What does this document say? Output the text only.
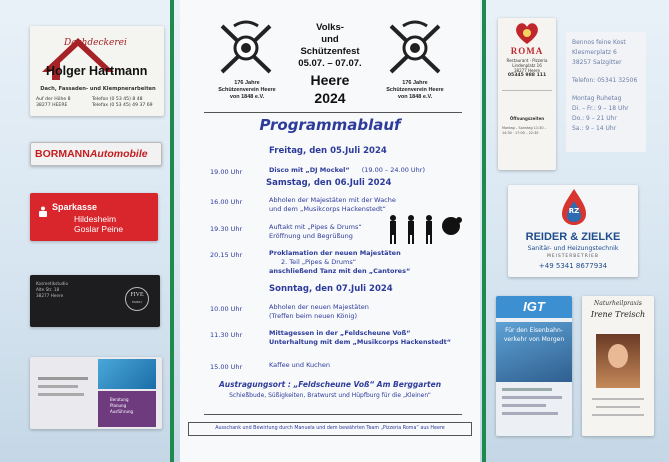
Dachdeckerei
Holger Hartmann
Dach, Fassaden- und Klempnerarbeiten
Auf der Höhe 8
38277 HEERE
Telefon (0 53 45) 8 48
Telefax (0 53 45) 49 37 69
BORMANNAutomobile
Sparkasse
Hildesheim
Goslar Peine
Kosmetikstudio
Alte Str. 18
38277 Heere	FIVE
FAMILY
Beratung
Planung
Ausführung
176 Jahre
Schützenverein Heere
von 1848 e.V.
176 Jahre
Schützenverein Heere
von 1848 e.V.
Volks-
und
Schützenfest
05.07. – 07.07.
Heere
2024
Programmablauf
Freitag, den 05.Juli 2024
19.00 Uhr	Disco mit „DJ Mockel“ (19.00 – 24.00 Uhr)
Samstag, den 06.Juli 2024
16.00 Uhr	Abholen der Majestäten mit der Wache
und dem „Musikcorps Hackenstedt“
19.30 Uhr	Auftakt mit „Pipes & Drums“
Eröffnung und Begrüßung
20.15 Uhr	Proklamation der neuen Majestäten
2. Teil „Pipes & Drums“
anschließend Tanz mit den „Cantores“
Sonntag, den 07.Juli 2024
10.00 Uhr	Abholen der neuen Majestäten
(Treffen beim neuen König)
11.30 Uhr	Mittagessen in der „Feldscheune Voß“
Unterhaltung mit dem „Musikcorps Hackenstedt“
15.00 Uhr	Kaffee und Kuchen
Austragungsort : „Feldscheune Voß“ Am Berggarten
Schießbude, Süßigkeiten, Bratwurst und Hüpfburg für die „Kleinen“
Ausschank und Bewirtung durch Manuela und dem bewährten Team „Pizzeria Roma“ aus Heere
ROMA
Restaurant · Pizzeria
Lindenplatz 16
38277 Heere
05345 988 111
Öffnungszeiten
Montag – Sonntag 11:30 – 14:30 · 17:00 – 22:30
Bennos feine Kost
Klesmerplatz 6
38257 Salzgitter
Telefon: 05341 32506
Montag Ruhetag
Di. – Fr.: 9 – 18 Uhr
Do.: 9 – 21 Uhr
Sa.: 9 – 14 Uhr
RZ
REIDER & ZIELKE
Sanitär- und Heizungstechnik
MEISTERBETRIEB
+49 5341 8677934
IGT
Für den Eisenbahn-
verkehr von Morgen
Naturheilpraxis
Irene Treisch
